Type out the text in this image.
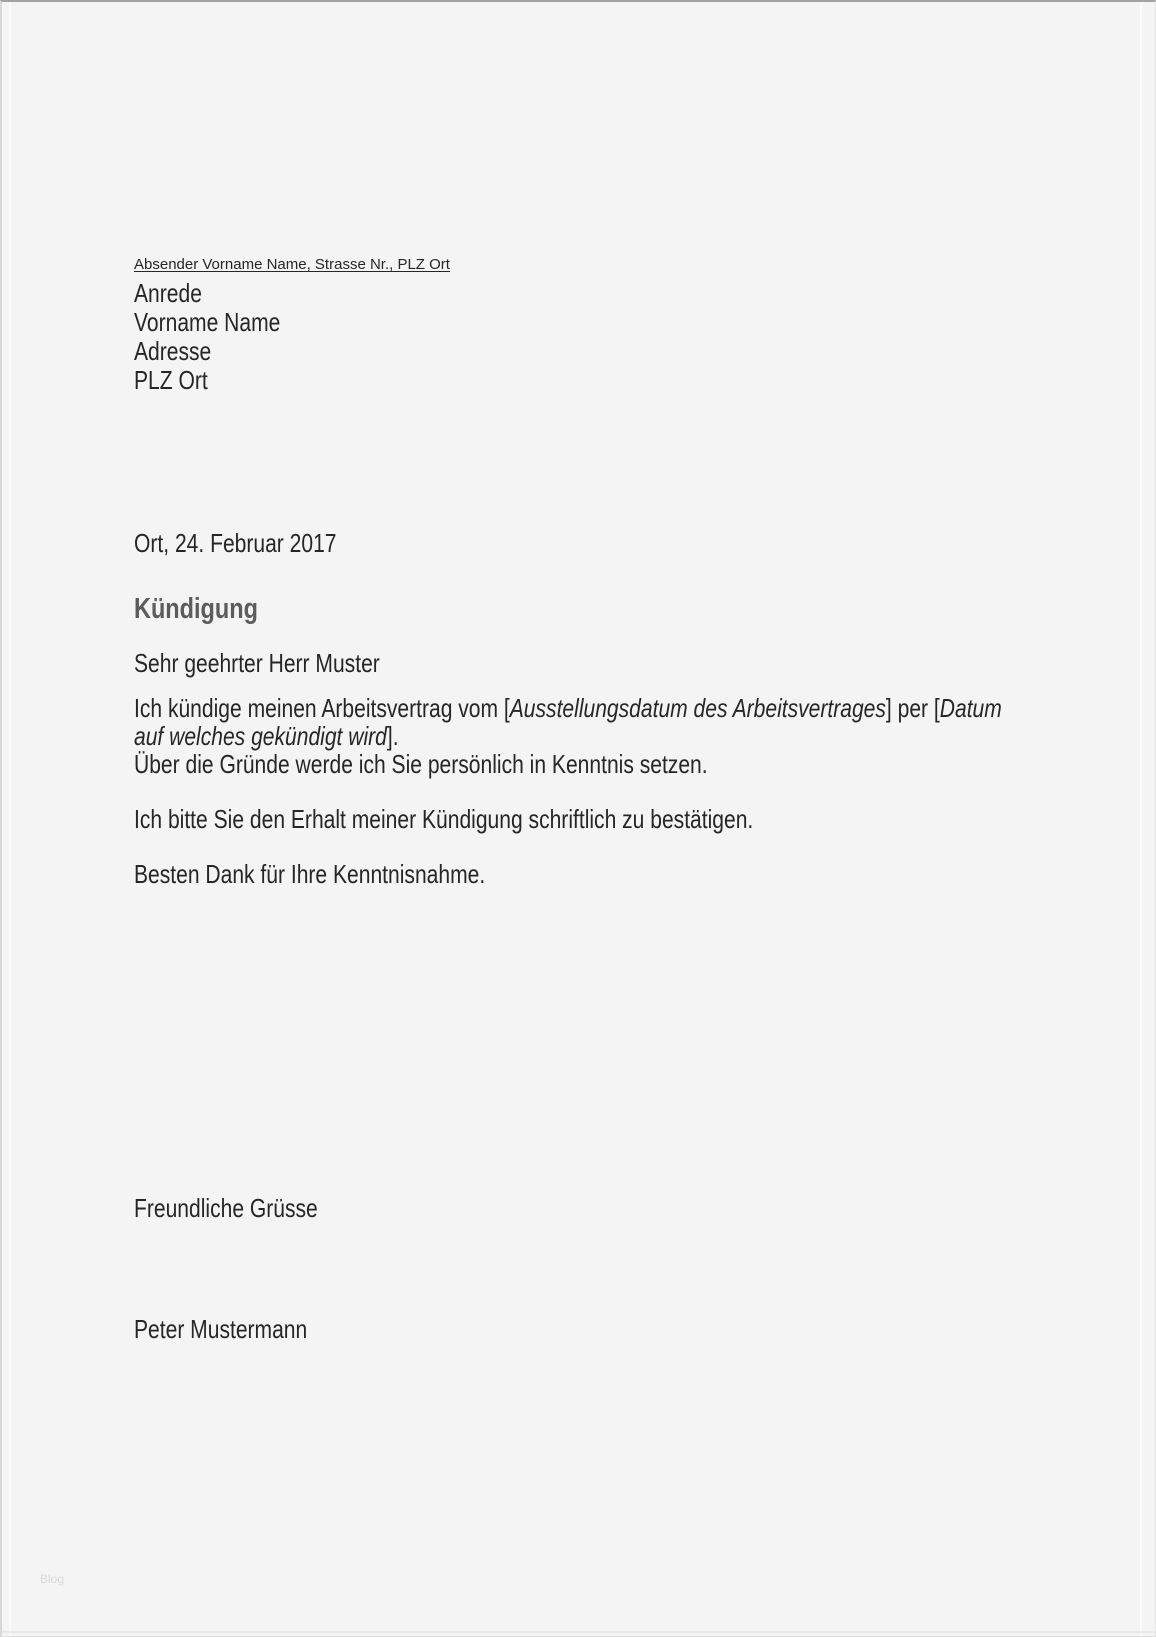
Absender Vorname Name, Strasse Nr., PLZ Ort
Anrede
Vorname Name
Adresse
PLZ Ort
Ort, 24. Februar 2017
Kündigung
Sehr geehrter Herr Muster
Ich kündige meinen Arbeitsvertrag vom [Ausstellungsdatum des Arbeitsvertrages] per [Datum auf welches gekündigt wird].
Über die Gründe werde ich Sie persönlich in Kenntnis setzen.
Ich bitte Sie den Erhalt meiner Kündigung schriftlich zu bestätigen.
Besten Dank für Ihre Kenntnisnahme.
Freundliche Grüsse
Peter Mustermann
Blog
